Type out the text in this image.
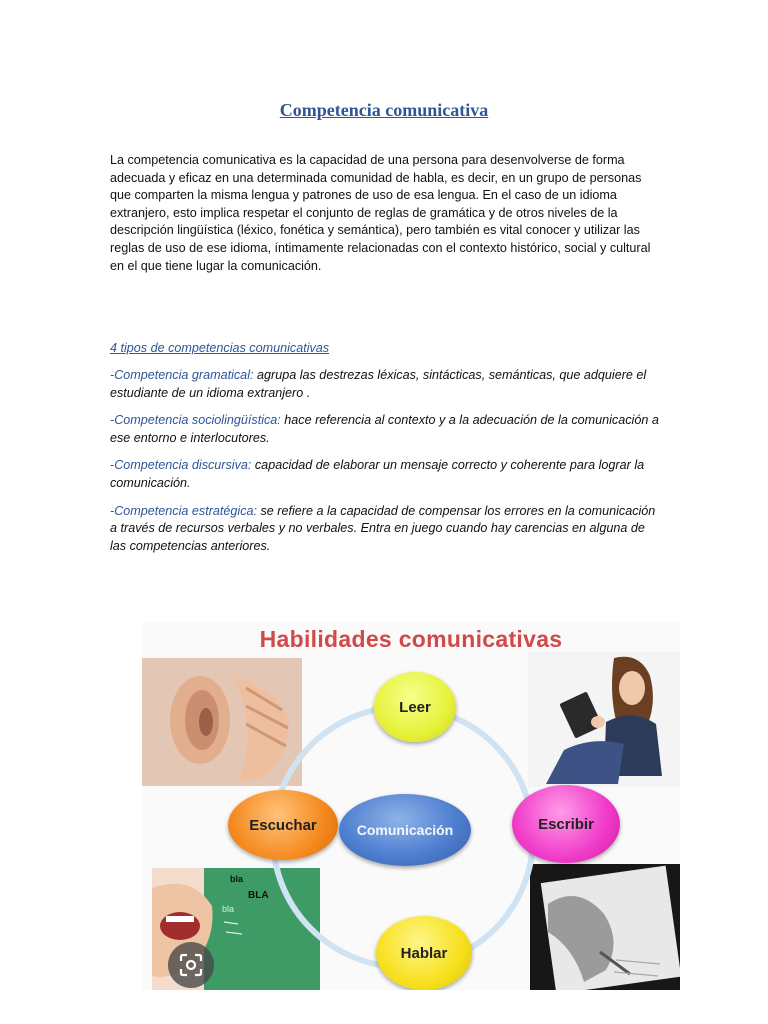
Competencia comunicativa
La competencia comunicativa es la capacidad de una persona para desenvolverse de forma adecuada y eficaz en una determinada comunidad de habla, es decir, en un grupo de personas que comparten la misma lengua y patrones de uso de esa lengua. En el caso de un idioma extranjero, esto implica respetar el conjunto de reglas de gramática y de otros niveles de la descripción lingüística (léxico, fonética y semántica), pero también es vital conocer y utilizar las reglas de uso de ese idioma, íntimamente relacionadas con el contexto histórico, social y cultural en el que tiene lugar la comunicación.
4 tipos de competencias comunicativas
-Competencia gramatical: agrupa las destrezas léxicas, sintácticas, semánticas, que adquiere el estudiante de un idioma extranjero .
-Competencia sociolingüística: hace referencia al contexto y a la adecuación de la comunicación a ese entorno e interlocutores.
-Competencia discursiva: capacidad de elaborar un mensaje correcto y coherente para lograr la comunicación.
-Competencia estratégica: se refiere a la capacidad de compensar los errores en la comunicación a través de recursos verbales y no verbales. Entra en juego cuando hay carencias en alguna de las competencias anteriores.
Habilidades comunicativas
bla
BLA
bla
Leer
Escuchar	Comunicación	Escribir
Hablar
